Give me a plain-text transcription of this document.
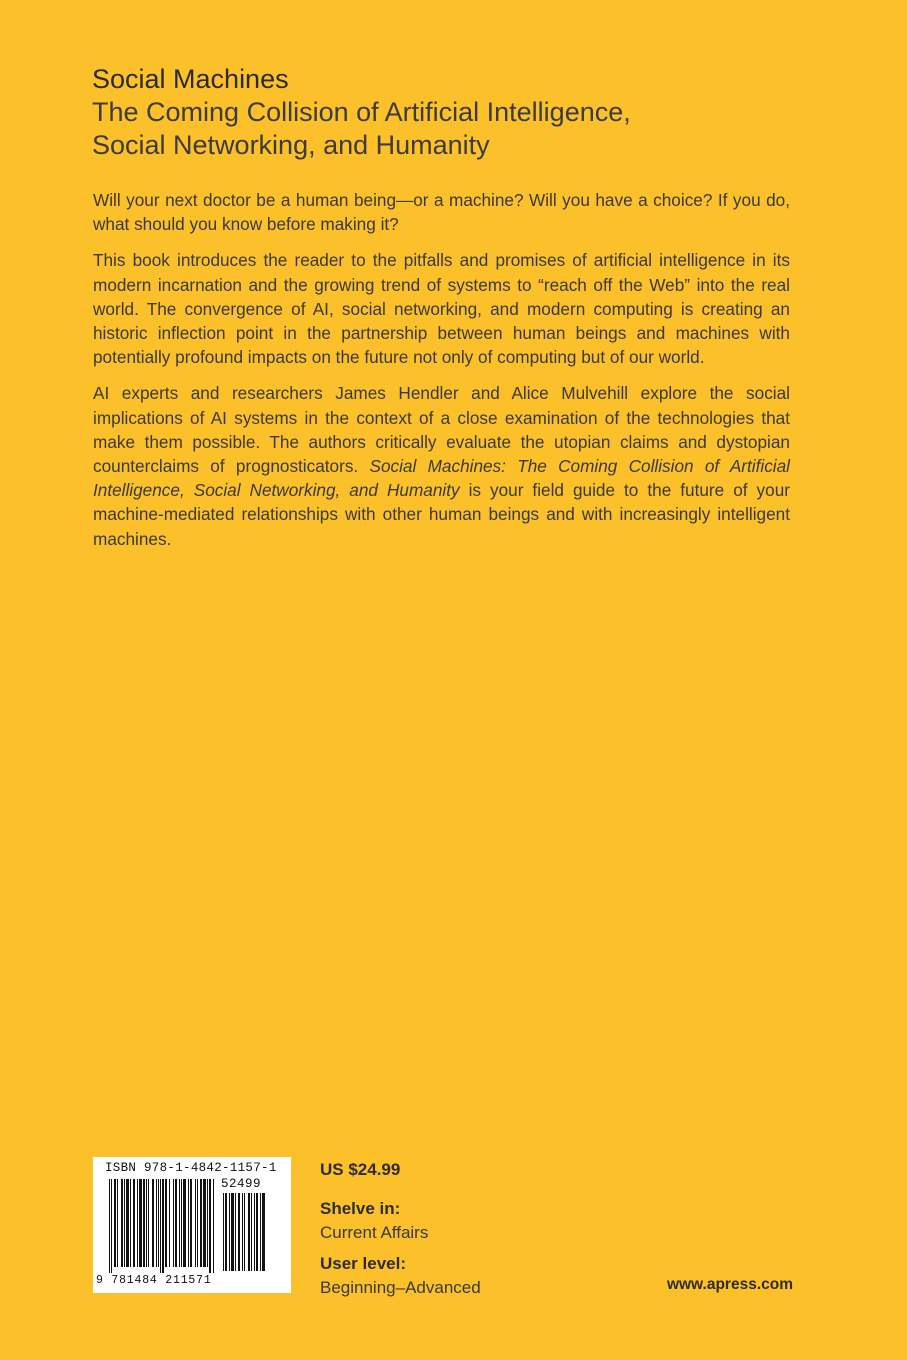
Social Machines
The Coming Collision of Artificial Intelligence,
Social Networking, and Humanity

Will your next doctor be a human being—or a machine? Will you have a choice? If you do, what should you know before making it?

This book introduces the reader to the pitfalls and promises of artificial intelligence in its modern incarnation and the growing trend of systems to “reach off the Web” into the real world. The convergence of AI, social networking, and modern computing is creating an historic inflection point in the partnership between human beings and machines with potentially profound impacts on the future not only of computing but of our world.

AI experts and researchers James Hendler and Alice Mulvehill explore the social implications of AI systems in the context of a close examination of the technologies that make them possible. The authors critically evaluate the utopian claims and dystopian counterclaims of prognosticators. Social Machines: The Coming Collision of Artificial Intelligence, Social Networking, and Humanity is your field guide to the future of your machine-mediated relationships with other human beings and with increasingly intelligent machines.

ISBN 978-1-4842-1157-1
52499
9 781484 211571
US $24.99
Shelve in:
Current Affairs
User level:
Beginning–Advanced	www.apress.com
